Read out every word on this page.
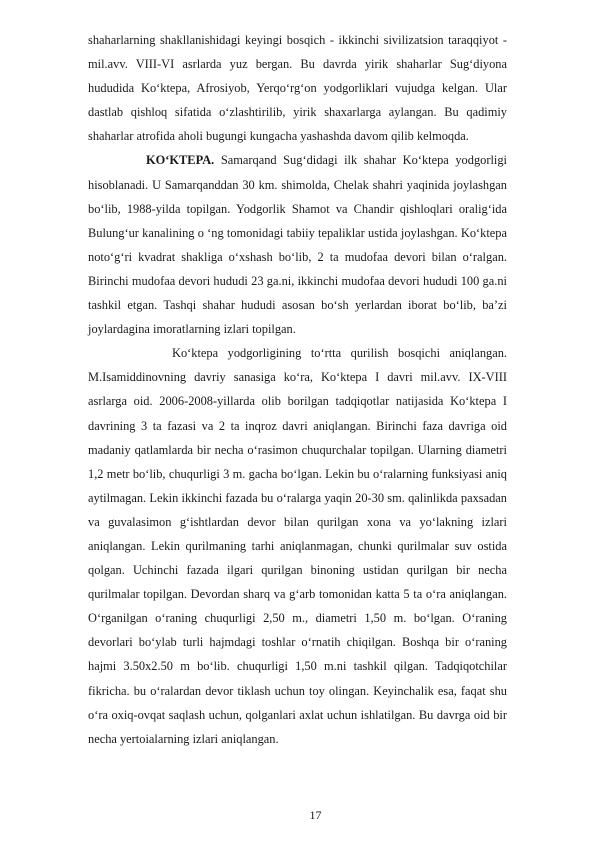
shaharlarning shakllanishidagi keyingi bosqich - ikkinchi sivilizatsion taraqqiyot - mil.avv. VIII-VI asrlarda yuz bergan. Bu davrda yirik shaharlar Sug‘diyona hududida Ko‘ktepa, Afrosiyob, Yerqo‘rg‘on yodgorliklari vujudga kelgan. Ular dastlab qishloq sifatida o‘zlashtirilib, yirik shaxarlarga aylangan. Bu qadimiy shaharlar atrofida aholi bugungi kungacha yashashda davom qilib kelmoqda.

KO‘KTEPA. Samarqand Sug‘didagi ilk shahar Ko‘ktepa yodgorligi hisoblanadi. U Samarqanddan 30 km. shimolda, Chelak shahri yaqinida joylashgan bo‘lib, 1988-yilda topilgan. Yodgorlik Shamot va Chandir qishloqlari oralig‘ida Bulung‘ur kanalining o ‘ng tomonidagi tabiiy tepaliklar ustida joylashgan. Ko‘ktepa noto‘g‘ri kvadrat shakliga o‘xshash bo‘lib, 2 ta mudofaa devori bilan o‘ralgan. Birinchi mudofaa devori hududi 23 ga.ni, ikkinchi mudofaa devori hududi 100 ga.ni tashkil etgan. Tashqi shahar hududi asosan bo‘sh yerlardan iborat bo‘lib, ba’zi joylardagina imoratlarning izlari topilgan.

Ko‘ktepa yodgorligining to‘rtta qurilish bosqichi aniqlangan. M.Isamiddinovning davriy sanasiga ko‘ra, Ko‘ktepa I davri mil.avv. IX-VIII asrlarga oid. 2006-2008-yillarda olib borilgan tadqiqotlar natijasida Ko‘ktepa I davrining 3 ta fazasi va 2 ta inqroz davri aniqlangan. Birinchi faza davriga oid madaniy qatlamlarda bir necha o‘rasimon chuqurchalar topilgan. Ularning diametri 1,2 metr bo‘lib, chuqurligi 3 m. gacha bo‘lgan. Lekin bu o‘ralarning funksiyasi aniq aytilmagan. Lekin ikkinchi fazada bu o‘ralarga yaqin 20-30 sm. qalinlikda paxsadan va guvalasimon g‘ishtlardan devor bilan qurilgan xona va yo‘lakning izlari aniqlangan. Lekin qurilmaning tarhi aniqlanmagan, chunki qurilmalar suv ostida qolgan. Uchinchi fazada ilgari qurilgan binoning ustidan qurilgan bir necha qurilmalar topilgan. Devordan sharq va g‘arb tomonidan katta 5 ta o‘ra aniqlangan. O‘rganilgan o‘raning chuqurligi 2,50 m., diametri 1,50 m. bo‘lgan. O‘raning devorlari bo‘ylab turli hajmdagi toshlar o‘rnatih chiqilgan. Boshqa bir o‘raning hajmi 3.50x2.50 m bo‘lib. chuqurligi 1,50 m.ni tashkil qilgan. Tadqiqotchilar fikricha. bu o‘ralardan devor tiklash uchun toy olingan. Keyinchalik esa, faqat shu o‘ra oxiq-ovqat saqlash uchun, qolganlari axlat uchun ishlatilgan. Bu davrga oid bir necha yertoialarning izlari aniqlangan.

17
